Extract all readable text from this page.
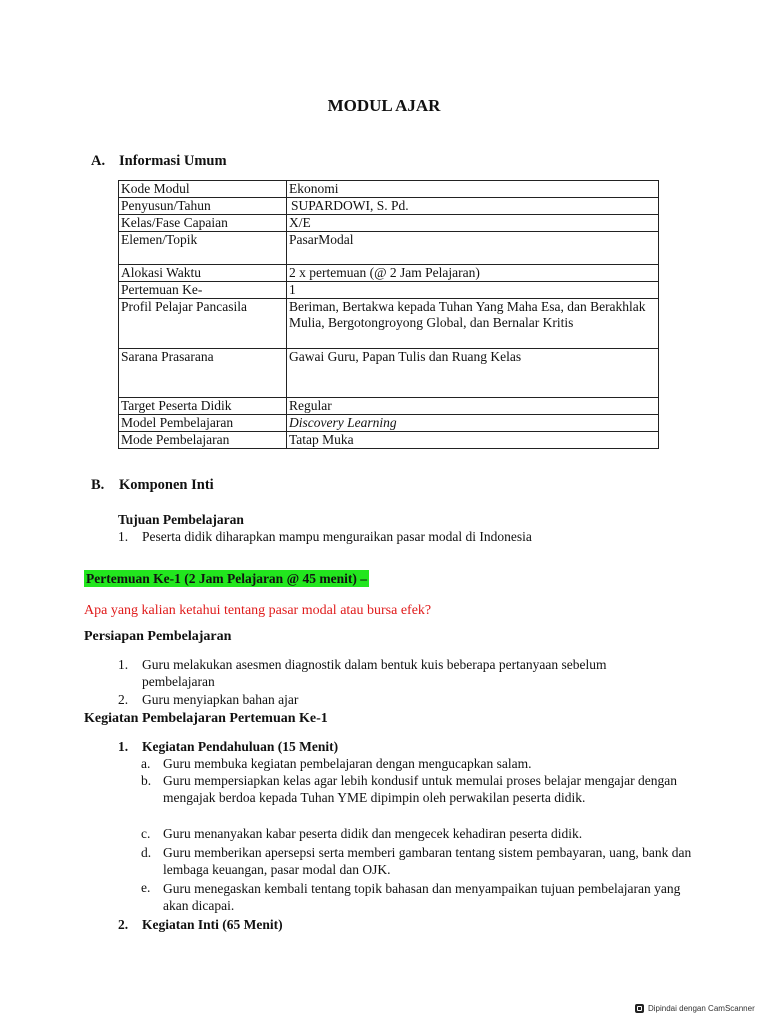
MODUL AJAR
A. Informasi Umum
Kode Modul	Ekonomi
Penyusun/Tahun	SUPARDOWI, S. Pd.
Kelas/Fase Capaian	X/E
Elemen/Topik	PasarModal
Alokasi Waktu	2 x pertemuan (@ 2 Jam Pelajaran)
Pertemuan Ke-	1
Profil Pelajar Pancasila	Beriman, Bertakwa kepada Tuhan Yang Maha Esa, dan Berakhlak Mulia, Bergotongroyong Global, dan Bernalar Kritis
Sarana Prasarana	Gawai Guru, Papan Tulis dan Ruang Kelas
Target Peserta Didik	Regular
Model Pembelajaran	Discovery Learning
Mode Pembelajaran	Tatap Muka
B. Komponen Inti
Tujuan Pembelajaran
1. Peserta didik diharapkan mampu menguraikan pasar modal di Indonesia
Pertemuan Ke-1 (2 Jam Pelajaran @ 45 menit) –
Apa yang kalian ketahui tentang pasar modal atau bursa efek?
Persiapan Pembelajaran
1. Guru melakukan asesmen diagnostik dalam bentuk kuis beberapa pertanyaan sebelum pembelajaran
2. Guru menyiapkan bahan ajar
Kegiatan Pembelajaran Pertemuan Ke-1
1. Kegiatan Pendahuluan (15 Menit)
a. Guru membuka kegiatan pembelajaran dengan mengucapkan salam.
b. Guru mempersiapkan kelas agar lebih kondusif untuk memulai proses belajar mengajar dengan mengajak berdoa kepada Tuhan YME dipimpin oleh perwakilan peserta didik.
c. Guru menanyakan kabar peserta didik dan mengecek kehadiran peserta didik.
d. Guru memberikan apersepsi serta memberi gambaran tentang sistem pembayaran, uang, bank dan lembaga keuangan, pasar modal dan OJK.
e. Guru menegaskan kembali tentang topik bahasan dan menyampaikan tujuan pembelajaran yang akan dicapai.
2. Kegiatan Inti (65 Menit)
Dipindai dengan CamScanner
